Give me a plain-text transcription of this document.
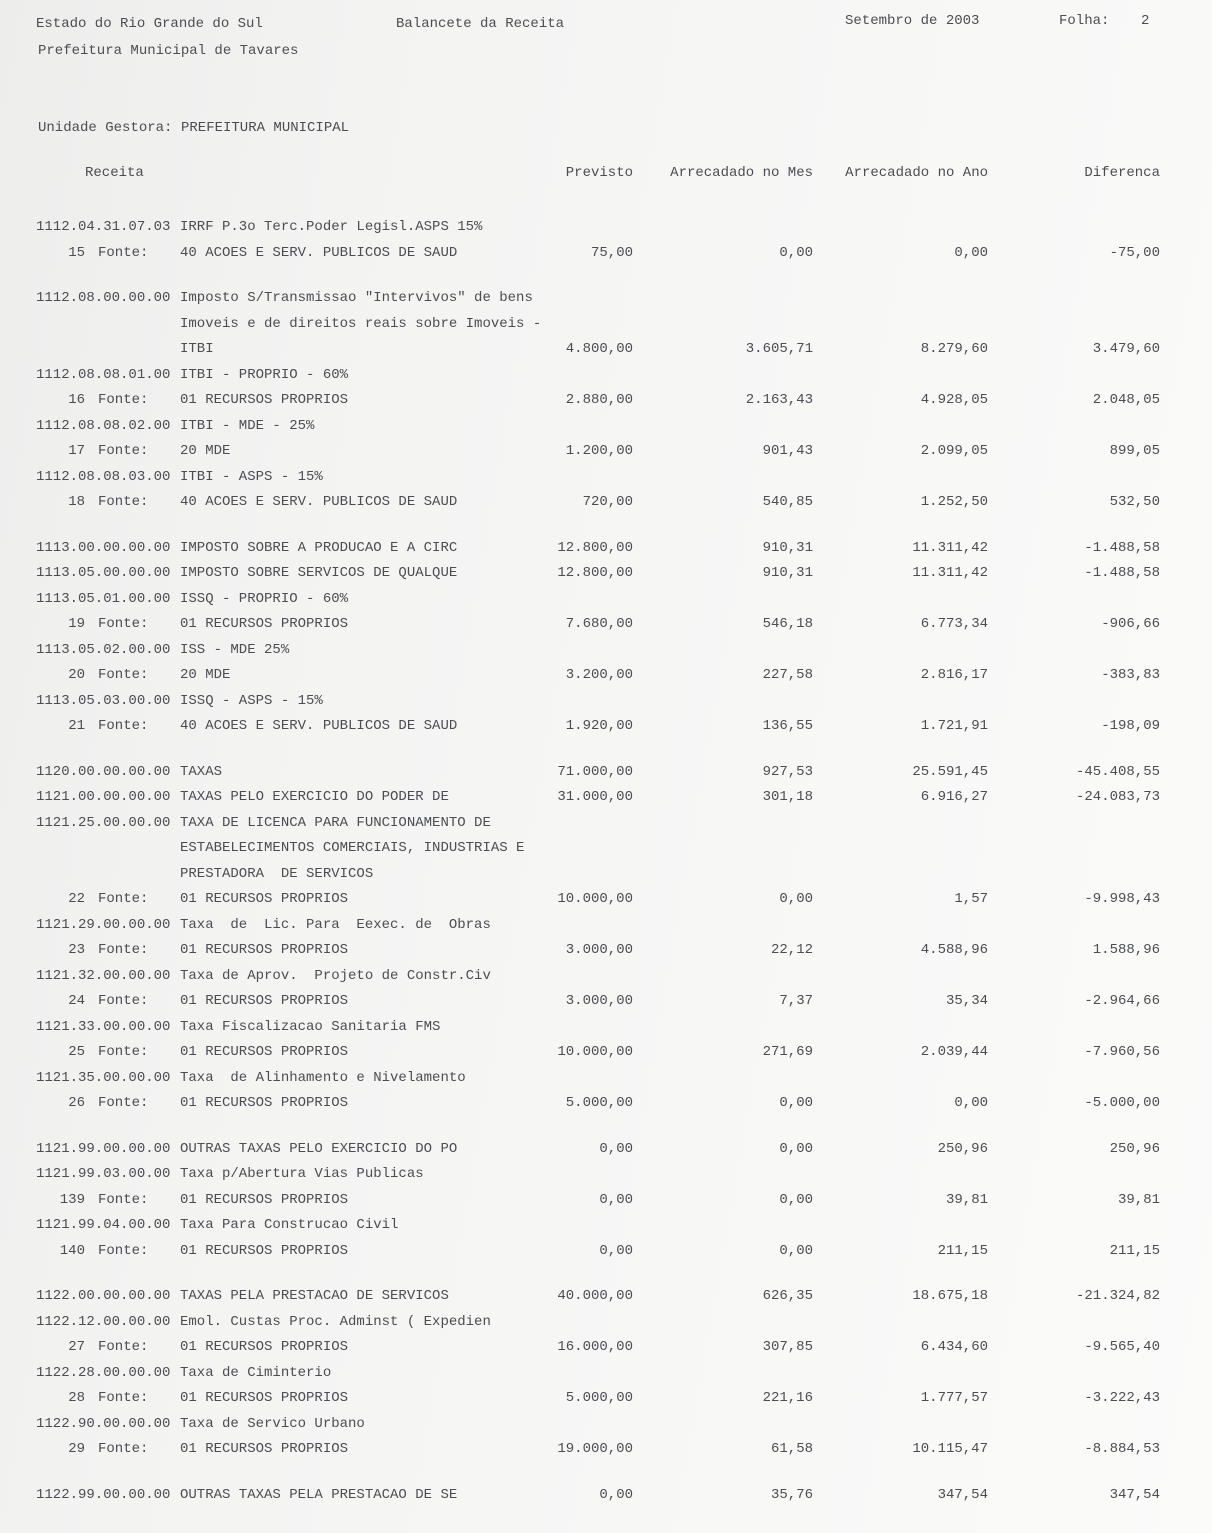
Estado do Rio Grande do Sul	Balancete da Receita	Setembro de 2003	Folha: 2
Prefeitura Municipal de Tavares
Unidade Gestora: PREFEITURA MUNICIPAL
Receita	Previsto	Arrecadado no Mes	Arrecadado no Ano	Diferenca
1112.04.31.07.03 IRRF P.3o Terc.Poder Legisl.ASPS 15%
15 Fonte: 40 ACOES E SERV. PUBLICOS DE SAUD	75,00	0,00	0,00	-75,00
1112.08.00.00.00 Imposto S/Transmissao "Intervivos" de bens
Imoveis e de direitos reais sobre Imoveis -
ITBI	4.800,00	3.605,71	8.279,60	3.479,60
1112.08.08.01.00 ITBI - PROPRIO - 60%
16 Fonte: 01 RECURSOS PROPRIOS	2.880,00	2.163,43	4.928,05	2.048,05
1112.08.08.02.00 ITBI - MDE - 25%
17 Fonte: 20 MDE	1.200,00	901,43	2.099,05	899,05
1112.08.08.03.00 ITBI - ASPS - 15%
18 Fonte: 40 ACOES E SERV. PUBLICOS DE SAUD	720,00	540,85	1.252,50	532,50
1113.00.00.00.00 IMPOSTO SOBRE A PRODUCAO E A CIRC	12.800,00	910,31	11.311,42	-1.488,58
1113.05.00.00.00 IMPOSTO SOBRE SERVICOS DE QUALQUE	12.800,00	910,31	11.311,42	-1.488,58
1113.05.01.00.00 ISSQ - PROPRIO - 60%
19 Fonte: 01 RECURSOS PROPRIOS	7.680,00	546,18	6.773,34	-906,66
1113.05.02.00.00 ISS - MDE 25%
20 Fonte: 20 MDE	3.200,00	227,58	2.816,17	-383,83
1113.05.03.00.00 ISSQ - ASPS - 15%
21 Fonte: 40 ACOES E SERV. PUBLICOS DE SAUD	1.920,00	136,55	1.721,91	-198,09
1120.00.00.00.00 TAXAS	71.000,00	927,53	25.591,45	-45.408,55
1121.00.00.00.00 TAXAS PELO EXERCICIO DO PODER DE	31.000,00	301,18	6.916,27	-24.083,73
1121.25.00.00.00 TAXA DE LICENCA PARA FUNCIONAMENTO DE
ESTABELECIMENTOS COMERCIAIS, INDUSTRIAS E
PRESTADORA  DE SERVICOS
22 Fonte: 01 RECURSOS PROPRIOS	10.000,00	0,00	1,57	-9.998,43
1121.29.00.00.00 Taxa  de  Lic. Para  Eexec. de  Obras
23 Fonte: 01 RECURSOS PROPRIOS	3.000,00	22,12	4.588,96	1.588,96
1121.32.00.00.00 Taxa de Aprov.  Projeto de Constr.Civ
24 Fonte: 01 RECURSOS PROPRIOS	3.000,00	7,37	35,34	-2.964,66
1121.33.00.00.00 Taxa Fiscalizacao Sanitaria FMS
25 Fonte: 01 RECURSOS PROPRIOS	10.000,00	271,69	2.039,44	-7.960,56
1121.35.00.00.00 Taxa  de Alinhamento e Nivelamento
26 Fonte: 01 RECURSOS PROPRIOS	5.000,00	0,00	0,00	-5.000,00
1121.99.00.00.00 OUTRAS TAXAS PELO EXERCICIO DO PO	0,00	0,00	250,96	250,96
1121.99.03.00.00 Taxa p/Abertura Vias Publicas
139 Fonte: 01 RECURSOS PROPRIOS	0,00	0,00	39,81	39,81
1121.99.04.00.00 Taxa Para Construcao Civil
140 Fonte: 01 RECURSOS PROPRIOS	0,00	0,00	211,15	211,15
1122.00.00.00.00 TAXAS PELA PRESTACAO DE SERVICOS	40.000,00	626,35	18.675,18	-21.324,82
1122.12.00.00.00 Emol. Custas Proc. Adminst ( Expedien
27 Fonte: 01 RECURSOS PROPRIOS	16.000,00	307,85	6.434,60	-9.565,40
1122.28.00.00.00 Taxa de Ciminterio
28 Fonte: 01 RECURSOS PROPRIOS	5.000,00	221,16	1.777,57	-3.222,43
1122.90.00.00.00 Taxa de Servico Urbano
29 Fonte: 01 RECURSOS PROPRIOS	19.000,00	61,58	10.115,47	-8.884,53
1122.99.00.00.00 OUTRAS TAXAS PELA PRESTACAO DE SE	0,00	35,76	347,54	347,54
